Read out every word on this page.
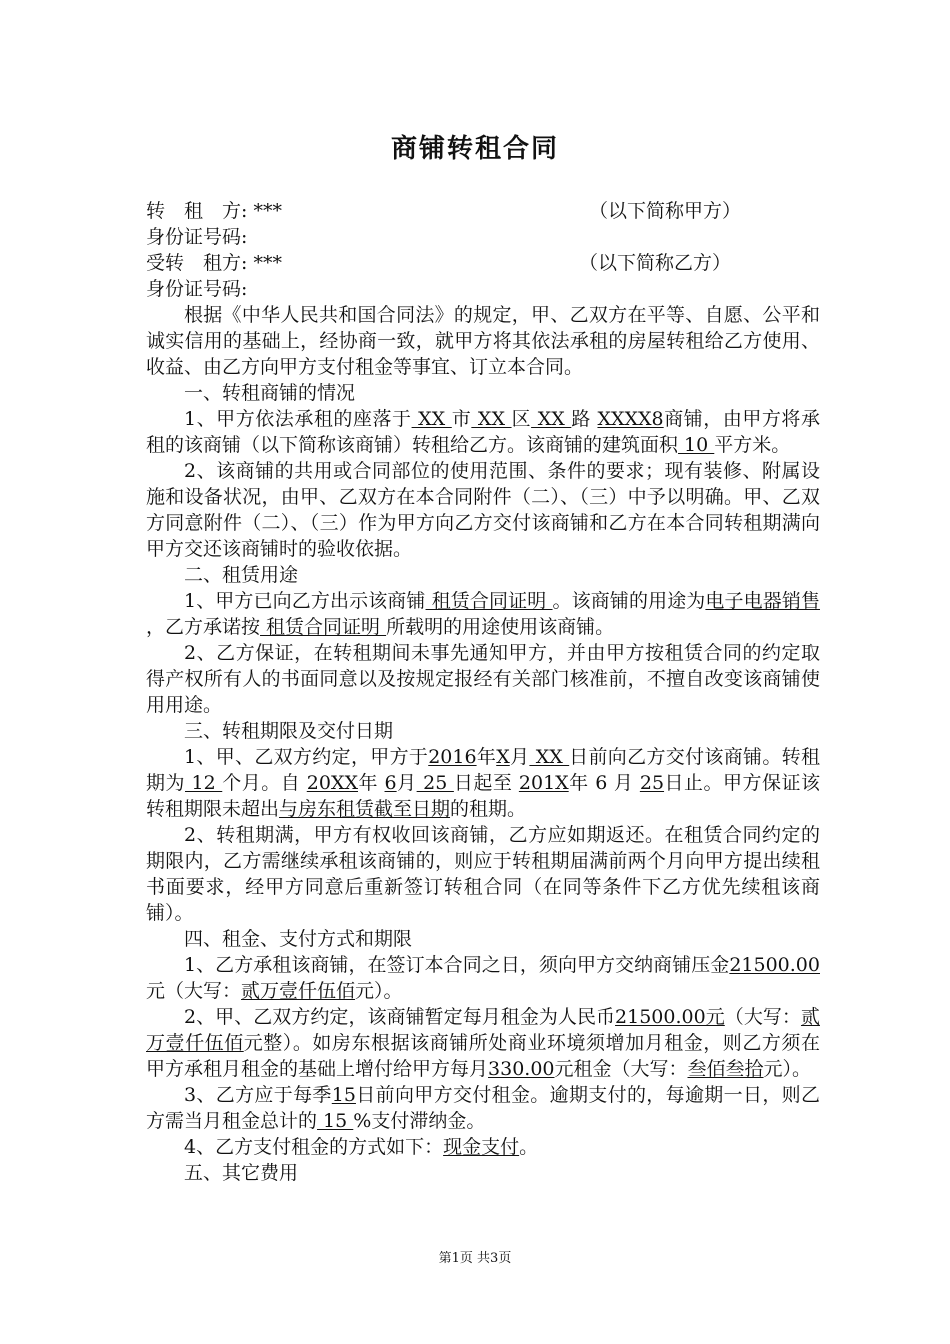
商铺转租合同
转　租　方: ***	（以下简称甲方）
身份证号码:
受转　租方: ***	（以下简称乙方）
身份证号码:
根据《中华人民共和国合同法》的规定，甲、乙双方在平等、自愿、公平和诚实信用的基础上，经协商一致，就甲方将其依法承租的房屋转租给乙方使用、收益、由乙方向甲方支付租金等事宜、订立本合同。
一、转租商铺的情况
1、甲方依法承租的座落于 XX 市 XX 区 XX 路 XXXX8商铺，由甲方将承租的该商铺（以下简称该商铺）转租给乙方。该商铺的建筑面积 10 平方米。
2、该商铺的共用或合同部位的使用范围、条件的要求；现有装修、附属设施和设备状况，由甲、乙双方在本合同附件（二）、（三）中予以明确。甲、乙双方同意附件（二）、（三）作为甲方向乙方交付该商铺和乙方在本合同转租期满向甲方交还该商铺时的验收依据。
二、租赁用途
1、甲方已向乙方出示该商铺 租赁合同证明 。该商铺的用途为电子电器销售 ，乙方承诺按 租赁合同证明 所载明的用途使用该商铺。
2、乙方保证，在转租期间未事先通知甲方，并由甲方按租赁合同的约定取得产权所有人的书面同意以及按规定报经有关部门核准前，不擅自改变该商铺使用用途。
三、转租期限及交付日期
1、甲、乙双方约定，甲方于2016年X月 XX 日前向乙方交付该商铺。转租期为 12 个月。自 20XX年 6月 25 日起至 201X年 6 月 25日止。甲方保证该转租期限未超出与房东租赁截至日期的租期。
2、转租期满，甲方有权收回该商铺，乙方应如期返还。在租赁合同约定的期限内，乙方需继续承租该商铺的，则应于转租期届满前两个月向甲方提出续租书面要求，经甲方同意后重新签订转租合同（在同等条件下乙方优先续租该商铺）。
四、租金、支付方式和期限
1、乙方承租该商铺，在签订本合同之日，须向甲方交纳商铺压金21500.00元（大写：贰万壹仟伍佰元）。
2、甲、乙双方约定，该商铺暂定每月租金为人民币21500.00元（大写：贰万壹仟伍佰元整）。如房东根据该商铺所处商业环境须增加月租金，则乙方须在甲方承租月租金的基础上增付给甲方每月330.00元租金（大写：叁佰叁拾元）。
3、乙方应于每季15日前向甲方交付租金。逾期支付的，每逾期一日，则乙方需当月租金总计的 15 %支付滞纳金。
4、乙方支付租金的方式如下：现金支付。
五、其它费用
第1页 共3页
